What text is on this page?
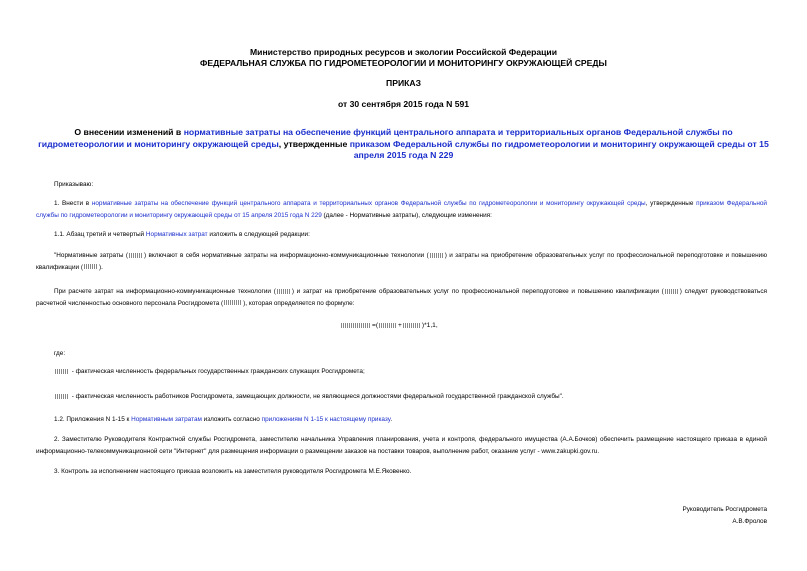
Министерство природных ресурсов и экологии Российской Федерации
ФЕДЕРАЛЬНАЯ СЛУЖБА ПО ГИДРОМЕТЕОРОЛОГИИ И МОНИТОРИНГУ ОКРУЖАЮЩЕЙ СРЕДЫ
ПРИКАЗ
от 30 сентября 2015 года N 591
О внесении изменений в нормативные затраты на обеспечение функций центрального аппарата и территориальных органов Федеральной службы по гидрометеорологии и мониторингу окружающей среды, утвержденные приказом Федеральной службы по гидрометеорологии и мониторингу окружающей среды от 15 апреля 2015 года N 229
Приказываю:
1. Внести в нормативные затраты на обеспечение функций центрального аппарата и территориальных органов Федеральной службы по гидрометеорологии и мониторингу окружающей среды, утвержденные приказом Федеральной службы по гидрометеорологии и мониторингу окружающей среды от 15 апреля 2015 года N 229 (далее - Нормативные затраты), следующие изменения:
1.1. Абзац третий и четвертый Нормативных затрат изложить в следующей редакции:
"Нормативные затраты (	) включают в себя нормативные затраты на информационно-коммуникационные технологии (	) и затраты на приобретение образовательных услуг по профессиональной переподготовке и повышению квалификации (	).
При расчете затрат на информационно-коммуникационные технологии (	) и затрат на приобретение образовательных услуг по профессиональной переподготовке и повышению квалификации (	) следует руководствоваться расчетной численностью основного персонала Росгидромета (	), которая определяется по формуле:
=(	+	)*1,1,
где:
- фактическая численность федеральных государственных гражданских служащих Росгидромета;
- фактическая численность работников Росгидромета, замещающих должности, не являющиеся должностями федеральной государственной гражданской службы".
1.2. Приложения N 1-15 к Нормативным затратам изложить согласно приложениям N 1-15 к настоящему приказу.
2. Заместителю Руководителя Контрактной службы Росгидромета, заместителю начальника Управления планирования, учета и контроля, федерального имущества (А.А.Бочков) обеспечить размещение настоящего приказа в единой информационно-телекоммуникационной сети "Интернет" для размещения информации о размещении заказов на поставки товаров, выполнение работ, оказание услуг - www.zakupki.gov.ru.
3. Контроль за исполнением настоящего приказа возложить на заместителя руководителя Росгидромета М.Е.Яковенко.
Руководитель Росгидромета
А.В.Фролов
